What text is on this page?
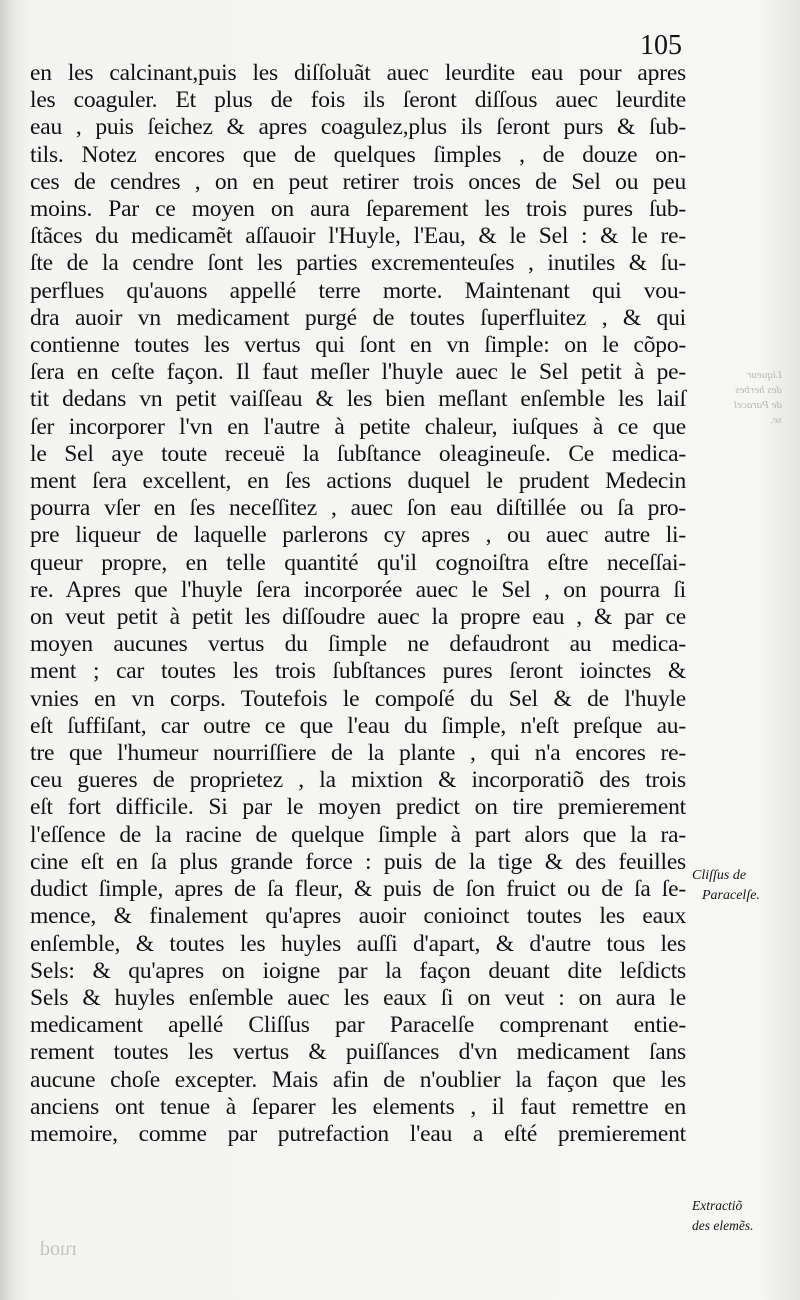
105
en les calcinant,puis les diſſoluãt auec leurdite eau pour apres
les coaguler. Et plus de fois ils ſeront diſſous auec leurdite
eau , puis ſeichez & apres coagulez,plus ils ſeront purs & ſub-
tils. Notez encores que de quelques ſimples , de douze on-
ces de cendres , on en peut retirer trois onces de Sel ou peu
moins. Par ce moyen on aura ſeparement les trois pures ſub-
ſtãces du medicamẽt aſſauoir l'Huyle, l'Eau, & le Sel : & le re-
ſte de la cendre ſont les parties excrementeuſes , inutiles & ſu-
perflues qu'auons appellé terre morte. Maintenant qui vou-
dra auoir vn medicament purgé de toutes ſuperfluitez , & qui
contienne toutes les vertus qui ſont en vn ſimple: on le cõpo-
ſera en ceſte façon. Il faut meſler l'huyle auec le Sel petit à pe-
tit dedans vn petit vaiſſeau & les bien meſlant enſemble les laiſ
ſer incorporer l'vn en l'autre à petite chaleur, iuſques à ce que
le Sel aye toute receuë la ſubſtance oleagineuſe. Ce medica-
ment ſera excellent, en ſes actions duquel le prudent Medecin
pourra vſer en ſes neceſſitez , auec ſon eau diſtillée ou ſa pro-
pre liqueur de laquelle parlerons cy apres , ou auec autre li-
queur propre, en telle quantité qu'il cognoiſtra eſtre neceſſai-
re. Apres que l'huyle ſera incorporée auec le Sel , on pourra ſi
on veut petit à petit les diſſoudre auec la propre eau , & par ce
moyen aucunes vertus du ſimple ne defaudront au medica-
ment ; car toutes les trois ſubſtances pures ſeront ioinctes &
vnies en vn corps. Toutefois le compoſé du Sel & de l'huyle
eſt ſuffiſant, car outre ce que l'eau du ſimple, n'eſt preſque au-
tre que l'humeur nourriſſiere de la plante , qui n'a encores re-
ceu gueres de proprietez , la mixtion & incorporatiõ des trois
eſt fort difficile. Si par le moyen predict on tire premierement
l'eſſence de la racine de quelque ſimple à part alors que la ra-
cine eſt en ſa plus grande force : puis de la tige & des feuilles
dudict ſimple, apres de ſa fleur, & puis de ſon fruict ou de ſa ſe-
mence, & finalement qu'apres auoir conioinct toutes les eaux
enſemble, & toutes les huyles auſſi d'apart, & d'autre tous les
Sels: & qu'apres on ioigne par la façon deuant dite leſdicts
Sels & huyles enſemble auec les eaux ſi on veut : on aura le
medicament apellé Cliſſus par Paracelſe comprenant entie-
rement toutes les vertus & puiſſances d'vn medicament ſans
aucune choſe excepter. Mais afin de n'oublier la façon que les
anciens ont tenue à ſeparer les elements , il faut remettre en
memoire, comme par putrefaction l'eau a eſté premierement
Liqueur
des herbes
de Paracel
se.
Cliſſus de
Paracelſe.
Extractiõ
des elemẽs.
ruod
